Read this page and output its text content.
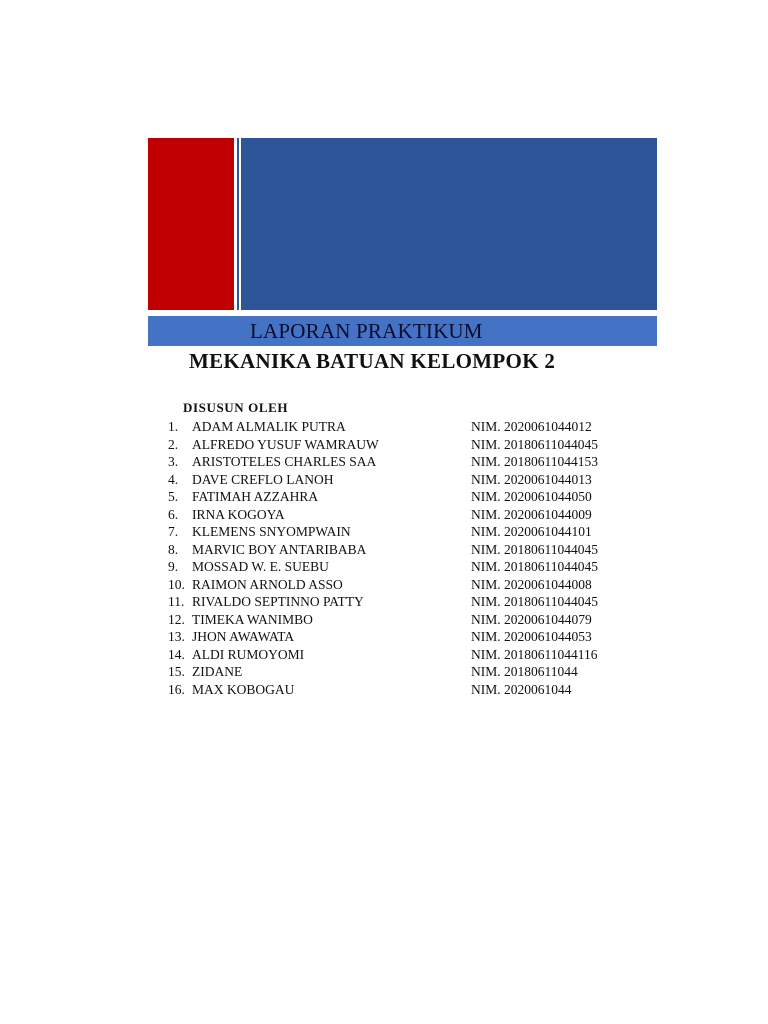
LAPORAN PRAKTIKUM
MEKANIKA BATUAN KELOMPOK 2
DISUSUN OLEH
1. ADAM ALMALIK PUTRA	NIM. 2020061044012
2. ALFREDO YUSUF WAMRAUW	NIM. 20180611044045
3. ARISTOTELES CHARLES SAA	NIM. 20180611044153
4. DAVE CREFLO LANOH	NIM. 2020061044013
5. FATIMAH AZZAHRA	NIM. 2020061044050
6. IRNA KOGOYA	NIM. 2020061044009
7. KLEMENS SNYOMPWAIN	NIM. 2020061044101
8. MARVIC BOY ANTARIBABA	NIM. 20180611044045
9. MOSSAD W. E. SUEBU	NIM. 20180611044045
10. RAIMON ARNOLD ASSO	NIM. 2020061044008
11. RIVALDO SEPTINNO PATTY	NIM. 20180611044045
12. TIMEKA WANIMBO	NIM. 2020061044079
13. JHON AWAWATA	NIM. 2020061044053
14. ALDI RUMOYOMI	NIM. 20180611044116
15. ZIDANE	NIM. 20180611044
16. MAX KOBOGAU	NIM. 2020061044
